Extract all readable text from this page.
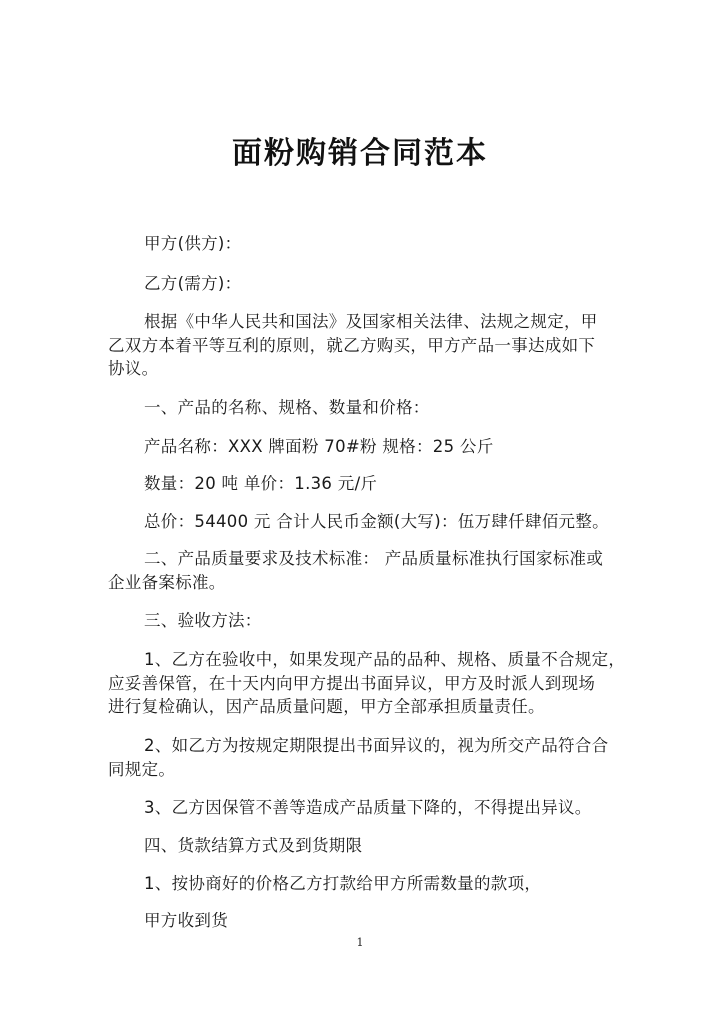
面粉购销合同范本
甲方(供方)：
乙方(需方)：
根据《中华人民共和国法》及国家相关法律、法规之规定，甲
乙双方本着平等互利的原则，就乙方购买，甲方产品一事达成如下
协议。
一、产品的名称、规格、数量和价格：
产品名称：XXX 牌面粉 70#粉 规格：25 公斤
数量：20 吨 单价：1.36 元/斤
总价：54400 元 合计人民币金额(大写)：伍万肆仟肆佰元整。
二、产品质量要求及技术标准： 产品质量标准执行国家标准或
企业备案标准。
三、验收方法：
1、乙方在验收中，如果发现产品的品种、规格、质量不合规定，
应妥善保管，在十天内向甲方提出书面异议，甲方及时派人到现场
进行复检确认，因产品质量问题，甲方全部承担质量责任。
2、如乙方为按规定期限提出书面异议的，视为所交产品符合合
同规定。
3、乙方因保管不善等造成产品质量下降的，不得提出异议。
四、货款结算方式及到货期限
1、按协商好的价格乙方打款给甲方所需数量的款项，
甲方收到货
1
